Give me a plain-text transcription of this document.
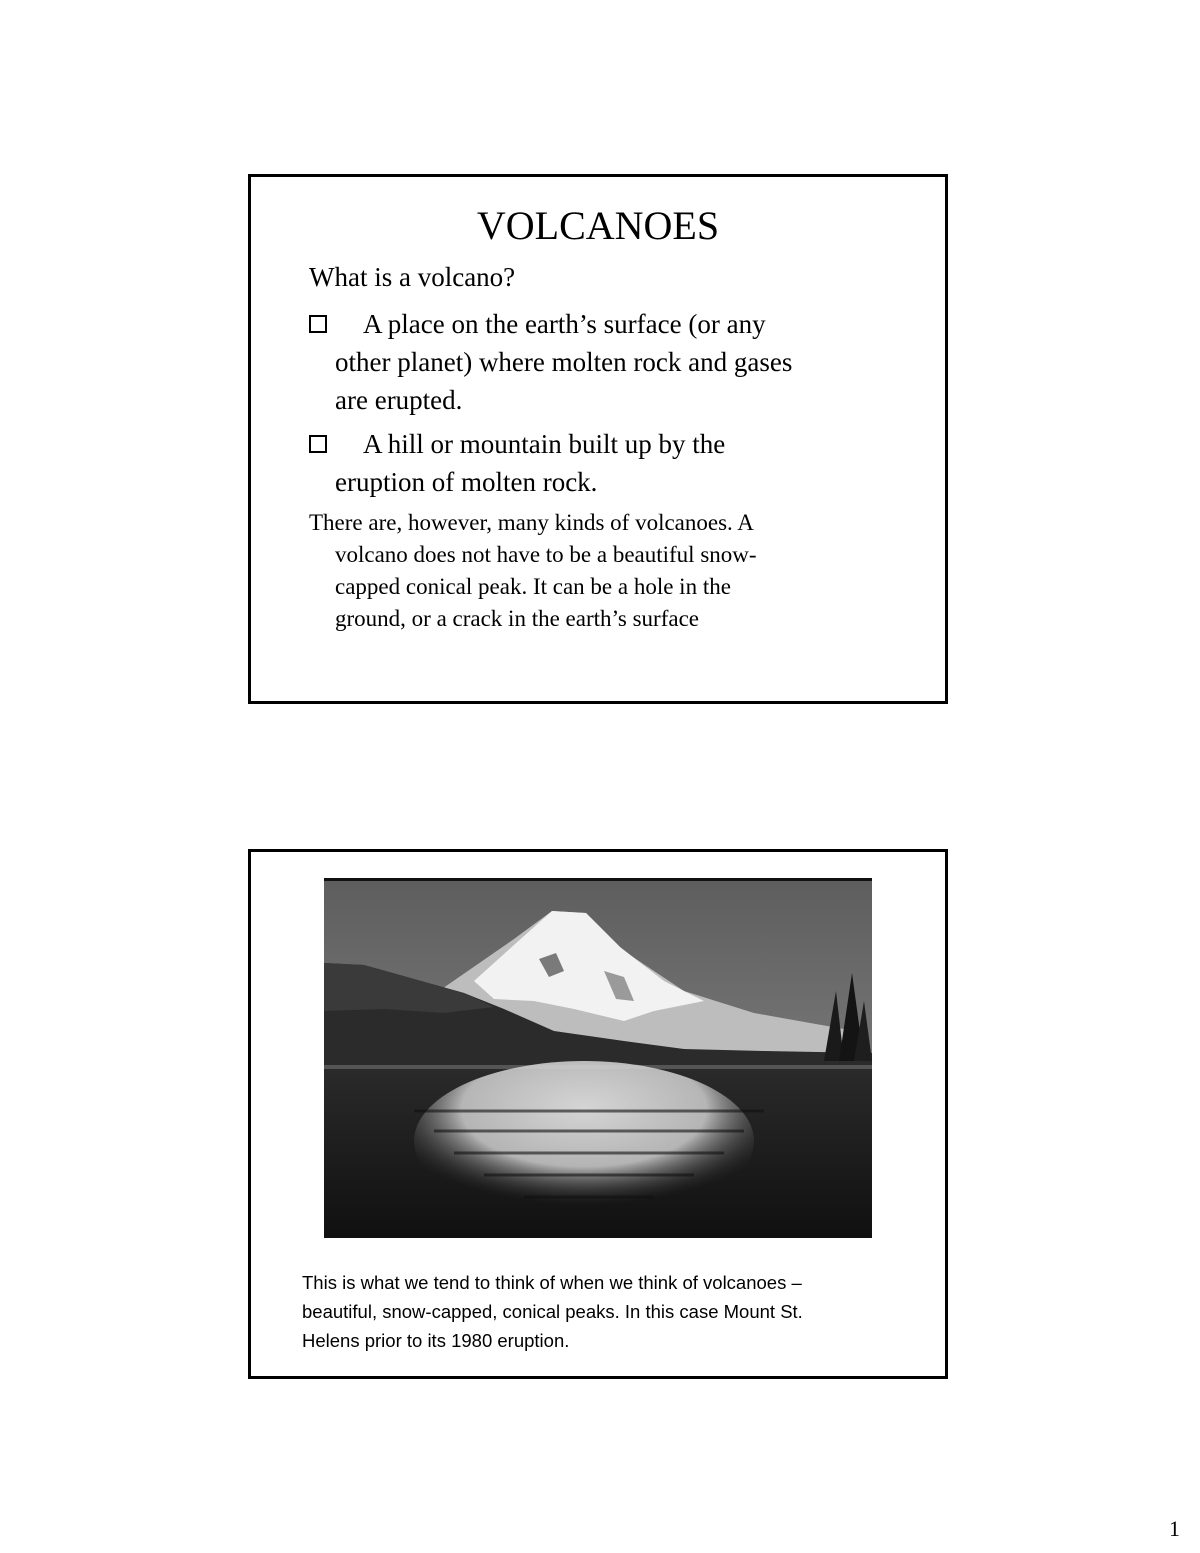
VOLCANOES
What is a volcano?
A place on the earth’s surface (or any
other planet) where molten rock and gases
are erupted.
A hill or mountain built up by the
eruption of molten rock.
There are, however, many kinds of volcanoes. A
volcano does not have to be a beautiful snow-
capped conical peak. It can be a hole in the
ground, or a crack in the earth’s surface
This is what we tend to think of when we think of volcanoes –
beautiful, snow-capped, conical peaks. In this case Mount St.
Helens prior to its 1980 eruption.
1
